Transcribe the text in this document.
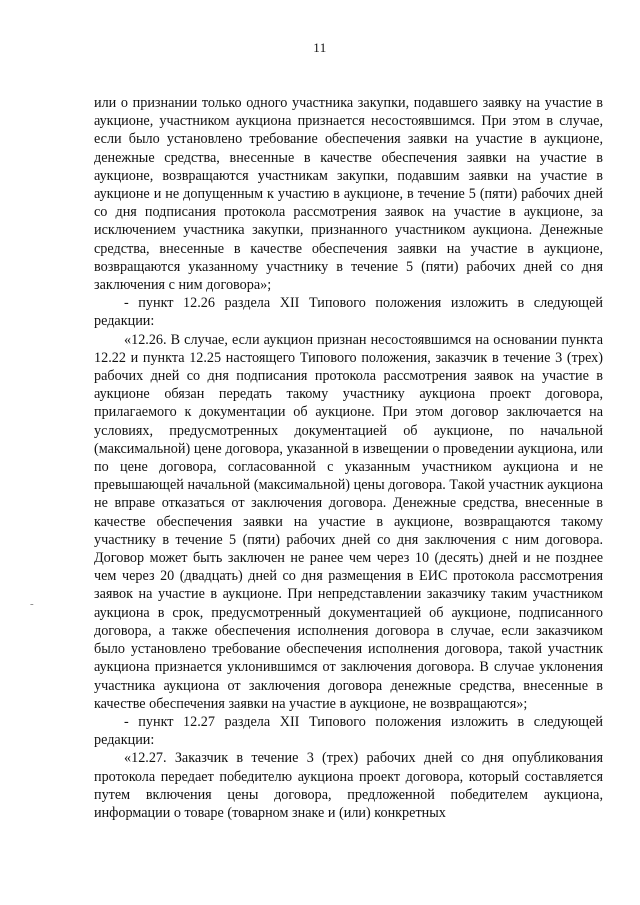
11
-

или о признании только одного участника закупки, подавшего заявку на участие в аукционе, участником аукциона признается несостоявшимся. При этом в случае, если было установлено требование обеспечения заявки на участие в аукционе, денежные средства, внесенные в качестве обеспечения заявки на участие в аукционе, возвращаются участникам закупки, подавшим заявки на участие в аукционе и не допущенным к участию в аукционе, в течение 5 (пяти) рабочих дней со дня подписания протокола рассмотрения заявок на участие в аукционе, за исключением участника закупки, признанного участником аукциона. Денежные средства, внесенные в качестве обеспечения заявки на участие в аукционе, возвращаются указанному участнику в течение 5 (пяти) рабочих дней со дня заключения с ним договора»;

- пункт 12.26 раздела XII Типового положения изложить в следующей редакции:

«12.26. В случае, если аукцион признан несостоявшимся на основании пункта 12.22 и пункта 12.25 настоящего Типового положения, заказчик в течение 3 (трех) рабочих дней со дня подписания протокола рассмотрения заявок на участие в аукционе обязан передать такому участнику аукциона проект договора, прилагаемого к документации об аукционе. При этом договор заключается на условиях, предусмотренных документацией об аукционе, по начальной (максимальной) цене договора, указанной в извещении о проведении аукциона, или по цене договора, согласованной с указанным участником аукциона и не превышающей начальной (максимальной) цены договора. Такой участник аукциона не вправе отказаться от заключения договора. Денежные средства, внесенные в качестве обеспечения заявки на участие в аукционе, возвращаются такому участнику в течение 5 (пяти) рабочих дней со дня заключения с ним договора. Договор может быть заключен не ранее чем через 10 (десять) дней и не позднее чем через 20 (двадцать) дней со дня размещения в ЕИС протокола рассмотрения заявок на участие в аукционе. При непредставлении заказчику таким участником аукциона в срок, предусмотренный документацией об аукционе, подписанного договора, а также обеспечения исполнения договора в случае, если заказчиком было установлено требование обеспечения исполнения договора, такой участник аукциона признается уклонившимся от заключения договора. В случае уклонения участника аукциона от заключения договора денежные средства, внесенные в качестве обеспечения заявки на участие в аукционе, не возвращаются»;

- пункт 12.27 раздела XII Типового положения изложить в следующей редакции:

«12.27. Заказчик в течение 3 (трех) рабочих дней со дня опубликования протокола передает победителю аукциона проект договора, который составляется путем включения цены договора, предложенной победителем аукциона, информации о товаре (товарном знаке и (или) конкретных
